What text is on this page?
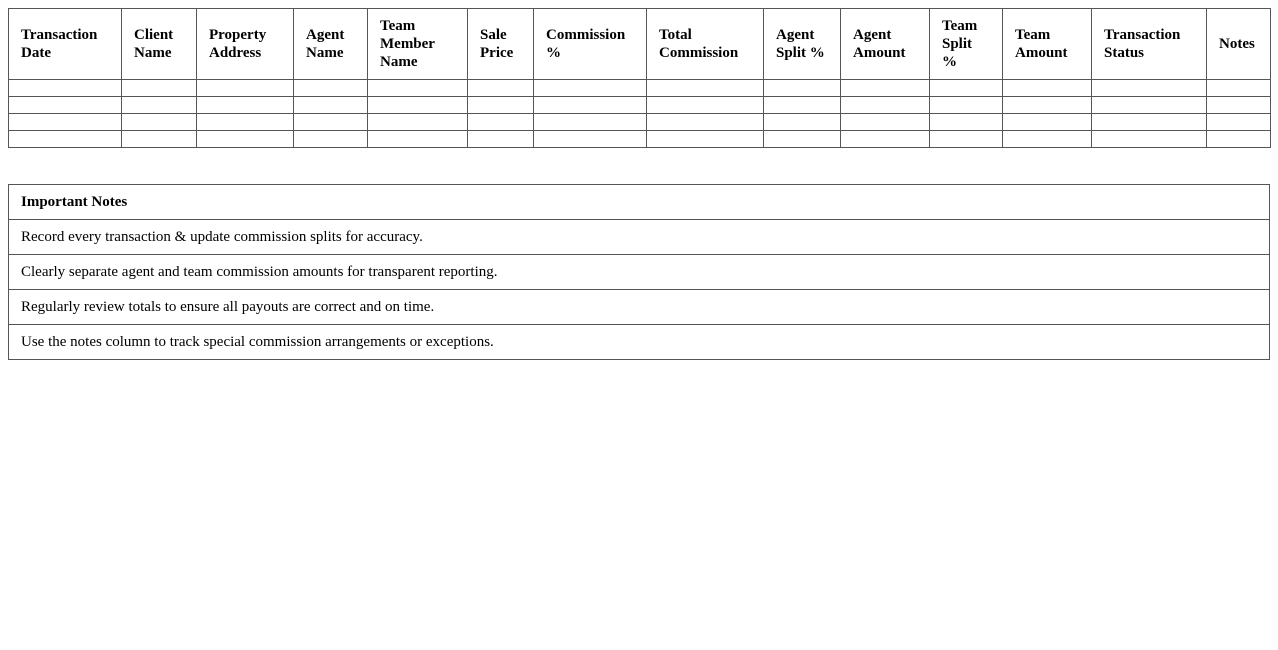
Transaction Date	Client Name	Property Address	Agent Name	Team Member Name	Sale Price	Commission %	Total Commission	Agent Split %	Agent Amount	Team Split %	Team Amount	Transaction Status	Notes

Important Notes
Record every transaction & update commission splits for accuracy.
Clearly separate agent and team commission amounts for transparent reporting.
Regularly review totals to ensure all payouts are correct and on time.
Use the notes column to track special commission arrangements or exceptions.
